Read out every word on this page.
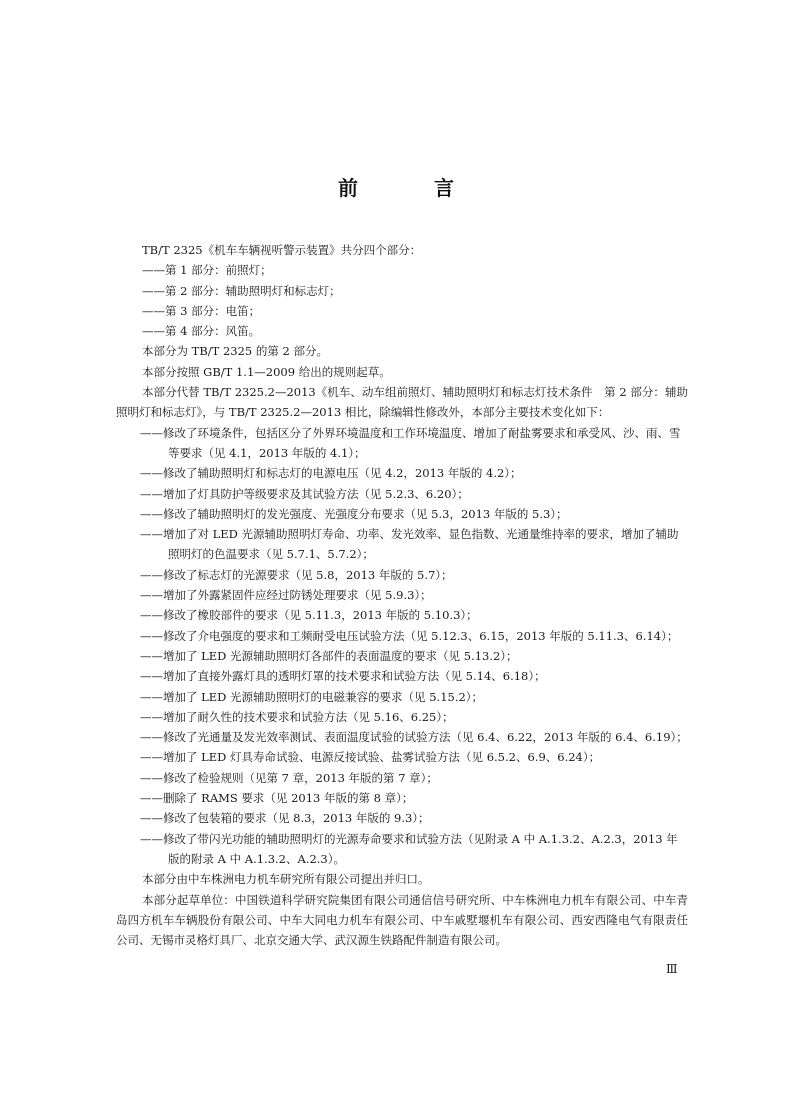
前　言

TB/T 2325《机车车辆视听警示装置》共分四个部分：

——第 1 部分：前照灯；

——第 2 部分：辅助照明灯和标志灯；

——第 3 部分：电笛；

——第 4 部分：风笛。

本部分为 TB/T 2325 的第 2 部分。

本部分按照 GB/T 1.1—2009 给出的规则起草。

本部分代替 TB/T 2325.2—2013《机车、动车组前照灯、辅助照明灯和标志灯技术条件　第 2 部分：辅助照明灯和标志灯》，与 TB/T 2325.2—2013 相比，除编辑性修改外，本部分主要技术变化如下：

——修改了环境条件，包括区分了外界环境温度和工作环境温度、增加了耐盐雾要求和承受风、沙、雨、雪等要求（见 4.1，2013 年版的 4.1）；

——修改了辅助照明灯和标志灯的电源电压（见 4.2，2013 年版的 4.2）；

——增加了灯具防护等级要求及其试验方法（见 5.2.3、6.20）；

——修改了辅助照明灯的发光强度、光强度分布要求（见 5.3，2013 年版的 5.3）；

——增加了对 LED 光源辅助照明灯寿命、功率、发光效率、显色指数、光通量维持率的要求，增加了辅助照明灯的色温要求（见 5.7.1、5.7.2）；

——修改了标志灯的光源要求（见 5.8，2013 年版的 5.7）；

——增加了外露紧固件应经过防锈处理要求（见 5.9.3）；

——修改了橡胶部件的要求（见 5.11.3，2013 年版的 5.10.3）；

——修改了介电强度的要求和工频耐受电压试验方法（见 5.12.3、6.15，2013 年版的 5.11.3、6.14）；

——增加了 LED 光源辅助照明灯各部件的表面温度的要求（见 5.13.2）；

——增加了直接外露灯具的透明灯罩的技术要求和试验方法（见 5.14、6.18）；

——增加了 LED 光源辅助照明灯的电磁兼容的要求（见 5.15.2）；

——增加了耐久性的技术要求和试验方法（见 5.16、6.25）；

——修改了光通量及发光效率测试、表面温度试验的试验方法（见 6.4、6.22，2013 年版的 6.4、6.19）；

——增加了 LED 灯具寿命试验、电源反接试验、盐雾试验方法（见 6.5.2、6.9、6.24）；

——修改了检验规则（见第 7 章，2013 年版的第 7 章）；

——删除了 RAMS 要求（见 2013 年版的第 8 章）；

——修改了包装箱的要求（见 8.3，2013 年版的 9.3）；

——修改了带闪光功能的辅助照明灯的光源寿命要求和试验方法（见附录 A 中 A.1.3.2、A.2.3，2013 年版的附录 A 中 A.1.3.2、A.2.3）。

本部分由中车株洲电力机车研究所有限公司提出并归口。

本部分起草单位：中国铁道科学研究院集团有限公司通信信号研究所、中车株洲电力机车有限公司、中车青岛四方机车车辆股份有限公司、中车大同电力机车有限公司、中车戚墅堰机车有限公司、西安西隆电气有限责任公司、无锡市灵格灯具厂、北京交通大学、武汉源生铁路配件制造有限公司。

Ⅲ
